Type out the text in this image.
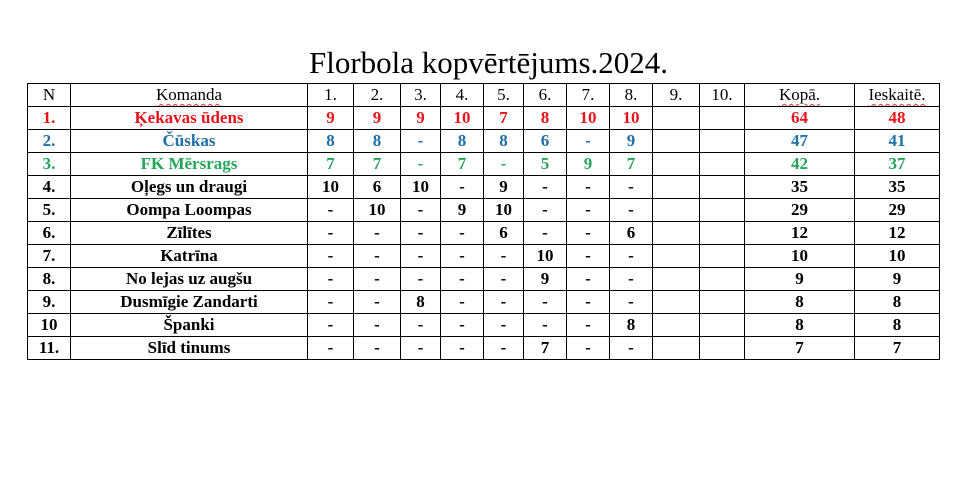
Florbola kopvērtējums.2024.
N	Komanda	1.	2.	3.	4.	5.	6.	7.	8.	9.	10.	Kopā.	Ieskaitē.
1.	Ķekavas ūdens	9	9	9	10	7	8	10	10			64	48
2.	Čūskas	8	8	-	8	8	6	-	9			47	41
3.	FK Mērsrags	7	7	-	7	-	5	9	7			42	37
4.	Oļegs un draugi	10	6	10	-	9	-	-	-			35	35
5.	Oompa Loompas	-	10	-	9	10	-	-	-			29	29
6.	Zīlītes	-	-	-	-	6	-	-	6			12	12
7.	Katrīna	-	-	-	-	-	10	-	-			10	10
8.	No lejas uz augšu	-	-	-	-	-	9	-	-			9	9
9.	Dusmīgie Zandarti	-	-	8	-	-	-	-	-			8	8
10	Španki	-	-	-	-	-	-	-	8			8	8
11.	Slīd tinums	-	-	-	-	-	7	-	-			7	7
